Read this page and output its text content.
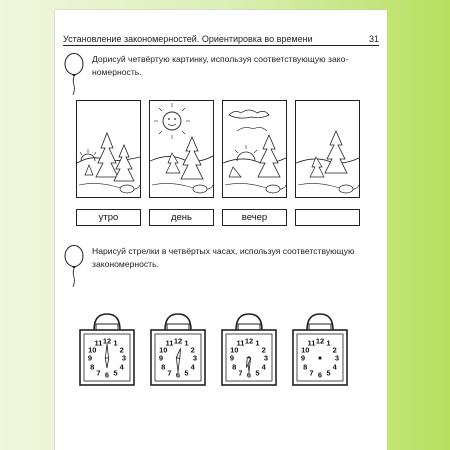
Установление закономерностей. Ориентировка во времени	31
Дорисуй четвёртую картинку, используя соответствующую зако-
номерность.
утро	день	вечер
Нарисуй стрелки в четвёртых часах, используя соответствующую
закономерность.
12 1
2
3
4
5
6
7
8
9
10
11	12 1
2
3
4
5
6
7
8
9
10
11	12 1
2
3
4
5
6
7
8
9
10
11	12 1
2
3
4
5
6
7
8
9
10
11
